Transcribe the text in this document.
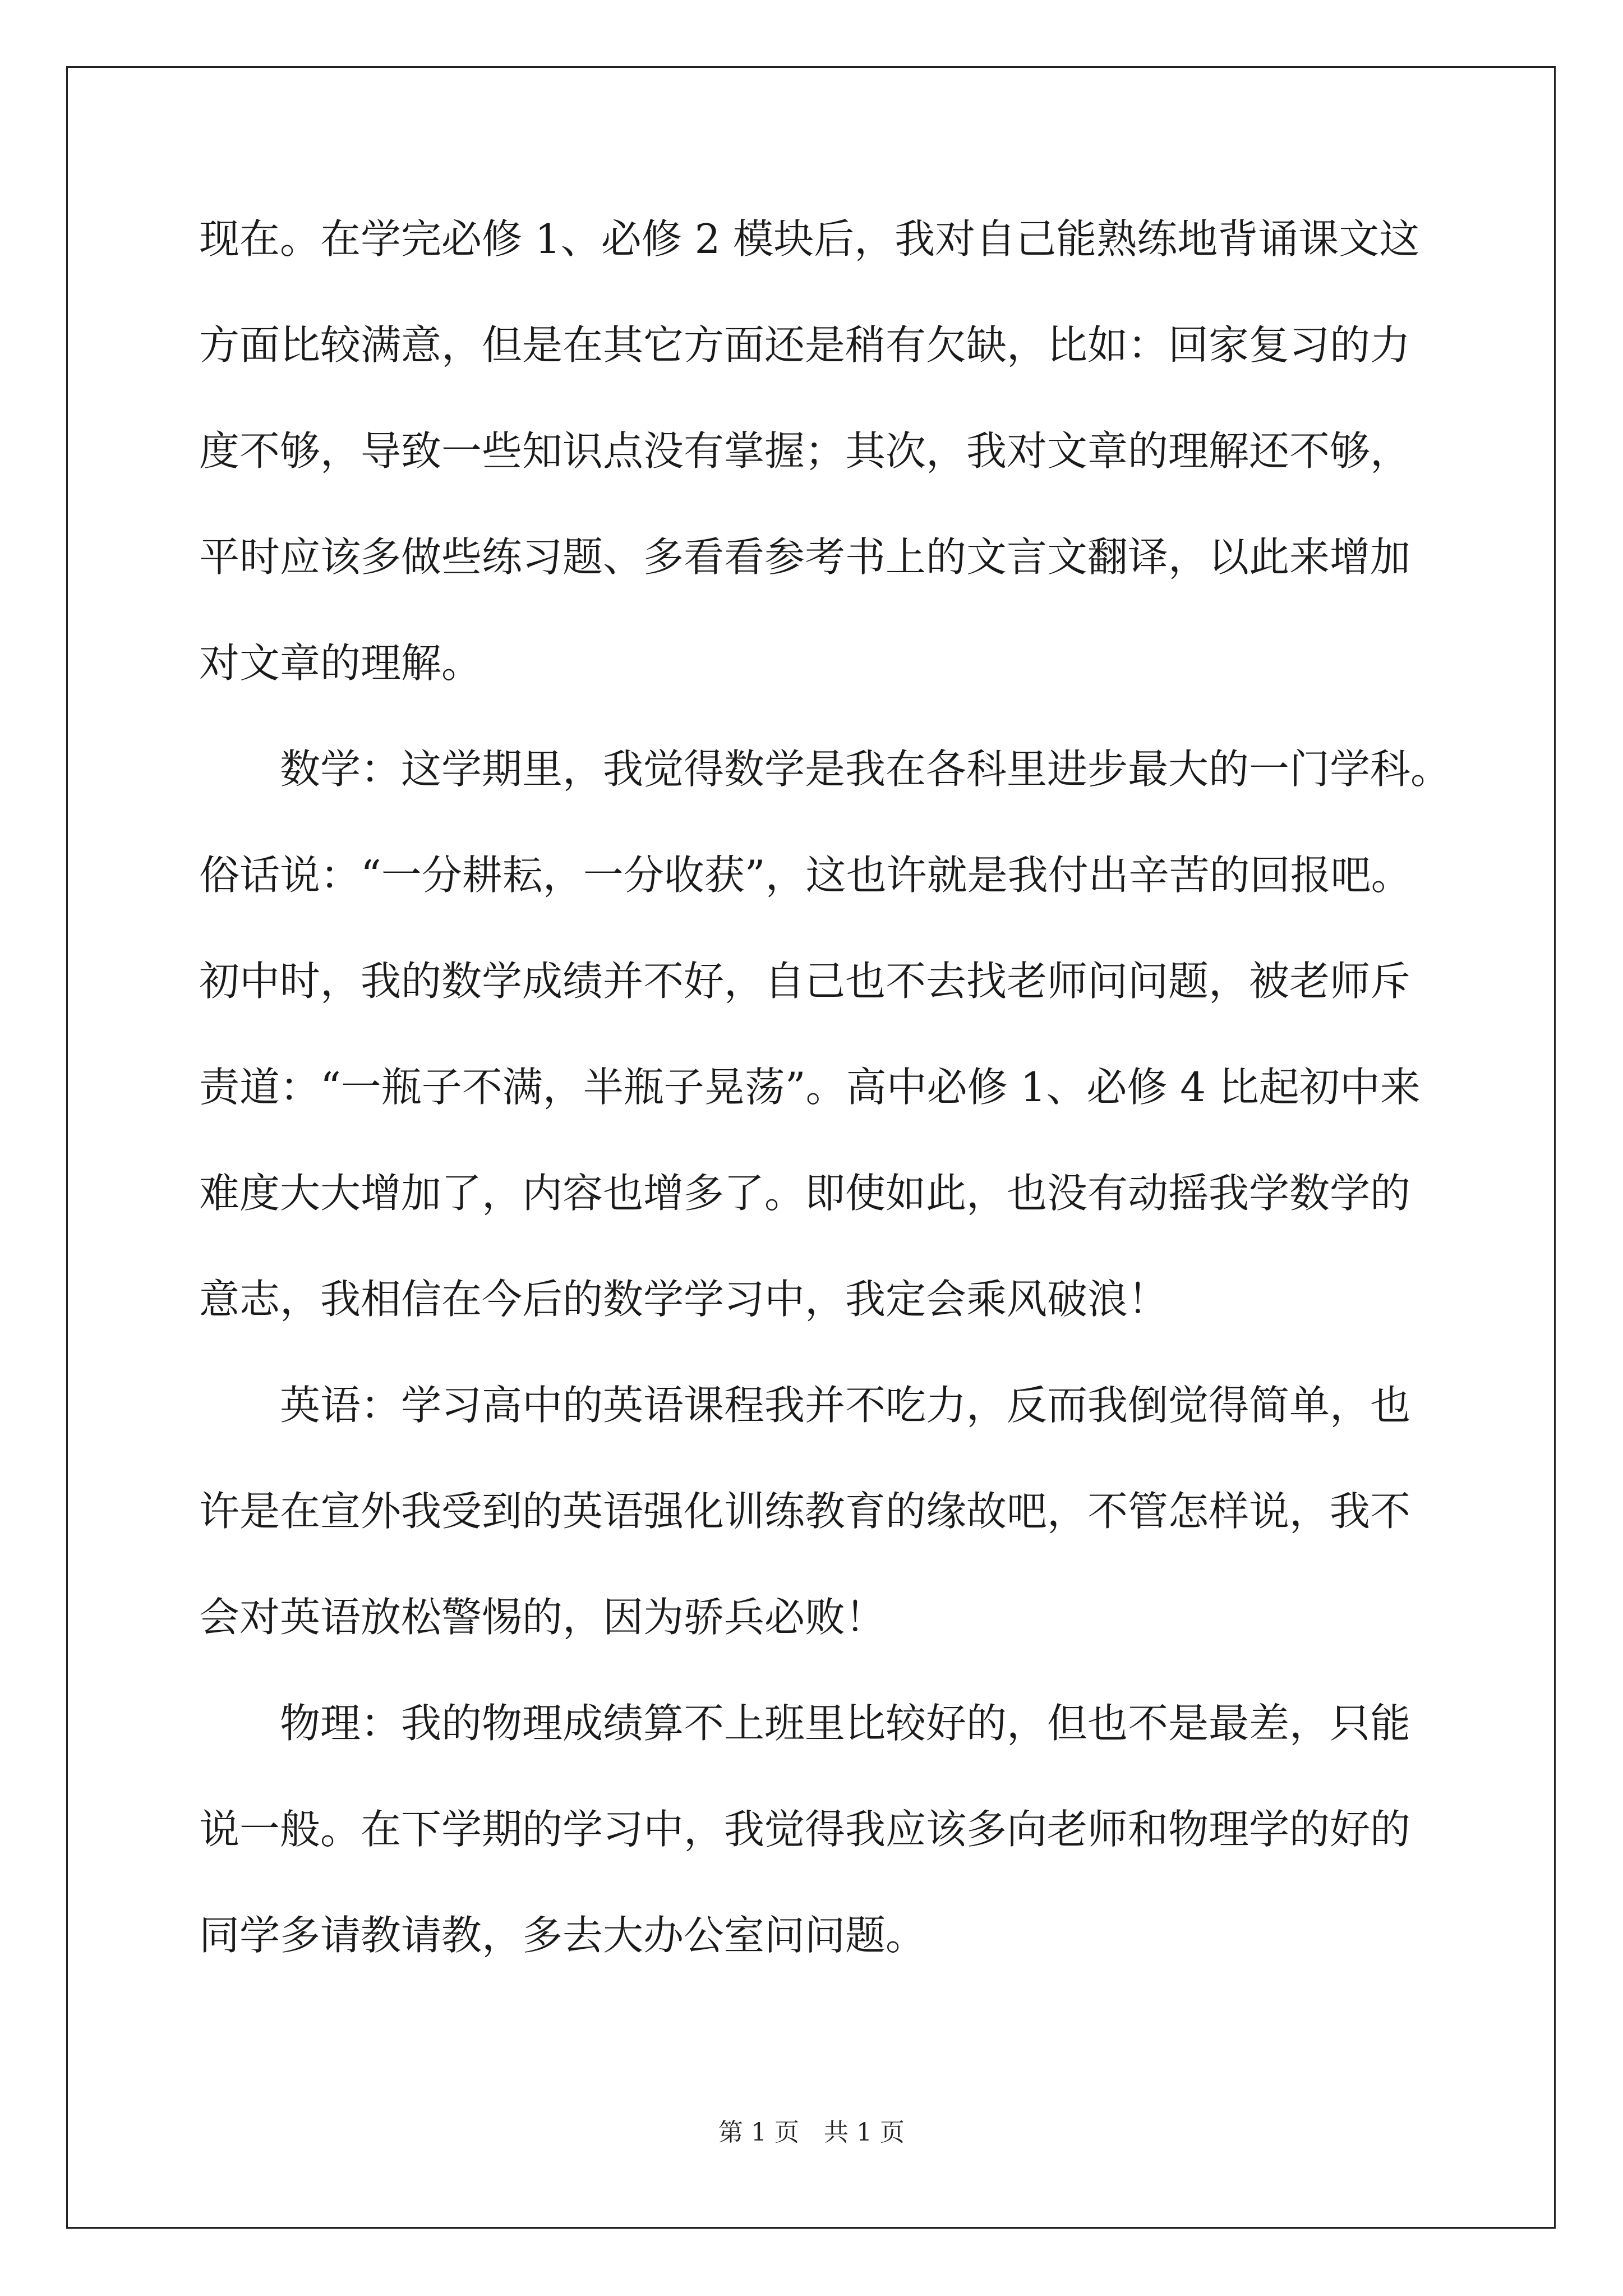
现在。在学完必修 1、必修 2 模块后，我对自己能熟练地背诵课文这
方面比较满意，但是在其它方面还是稍有欠缺，比如：回家复习的力
度不够，导致一些知识点没有掌握；其次，我对文章的理解还不够，
平时应该多做些练习题、多看看参考书上的文言文翻译，以此来增加
对文章的理解。
　　数学：这学期里，我觉得数学是我在各科里进步最大的一门学科。
俗话说：“一分耕耘，一分收获”，这也许就是我付出辛苦的回报吧。
初中时，我的数学成绩并不好，自己也不去找老师问问题，被老师斥
责道：“一瓶子不满，半瓶子晃荡”。高中必修 1、必修 4 比起初中来
难度大大增加了，内容也增多了。即使如此，也没有动摇我学数学的
意志，我相信在今后的数学学习中，我定会乘风破浪！
　　英语：学习高中的英语课程我并不吃力，反而我倒觉得简单，也
许是在宣外我受到的英语强化训练教育的缘故吧，不管怎样说，我不
会对英语放松警惕的，因为骄兵必败！
　　物理：我的物理成绩算不上班里比较好的，但也不是最差，只能
说一般。在下学期的学习中，我觉得我应该多向老师和物理学的好的
同学多请教请教，多去大办公室问问题。
第 1 页 共 1 页
